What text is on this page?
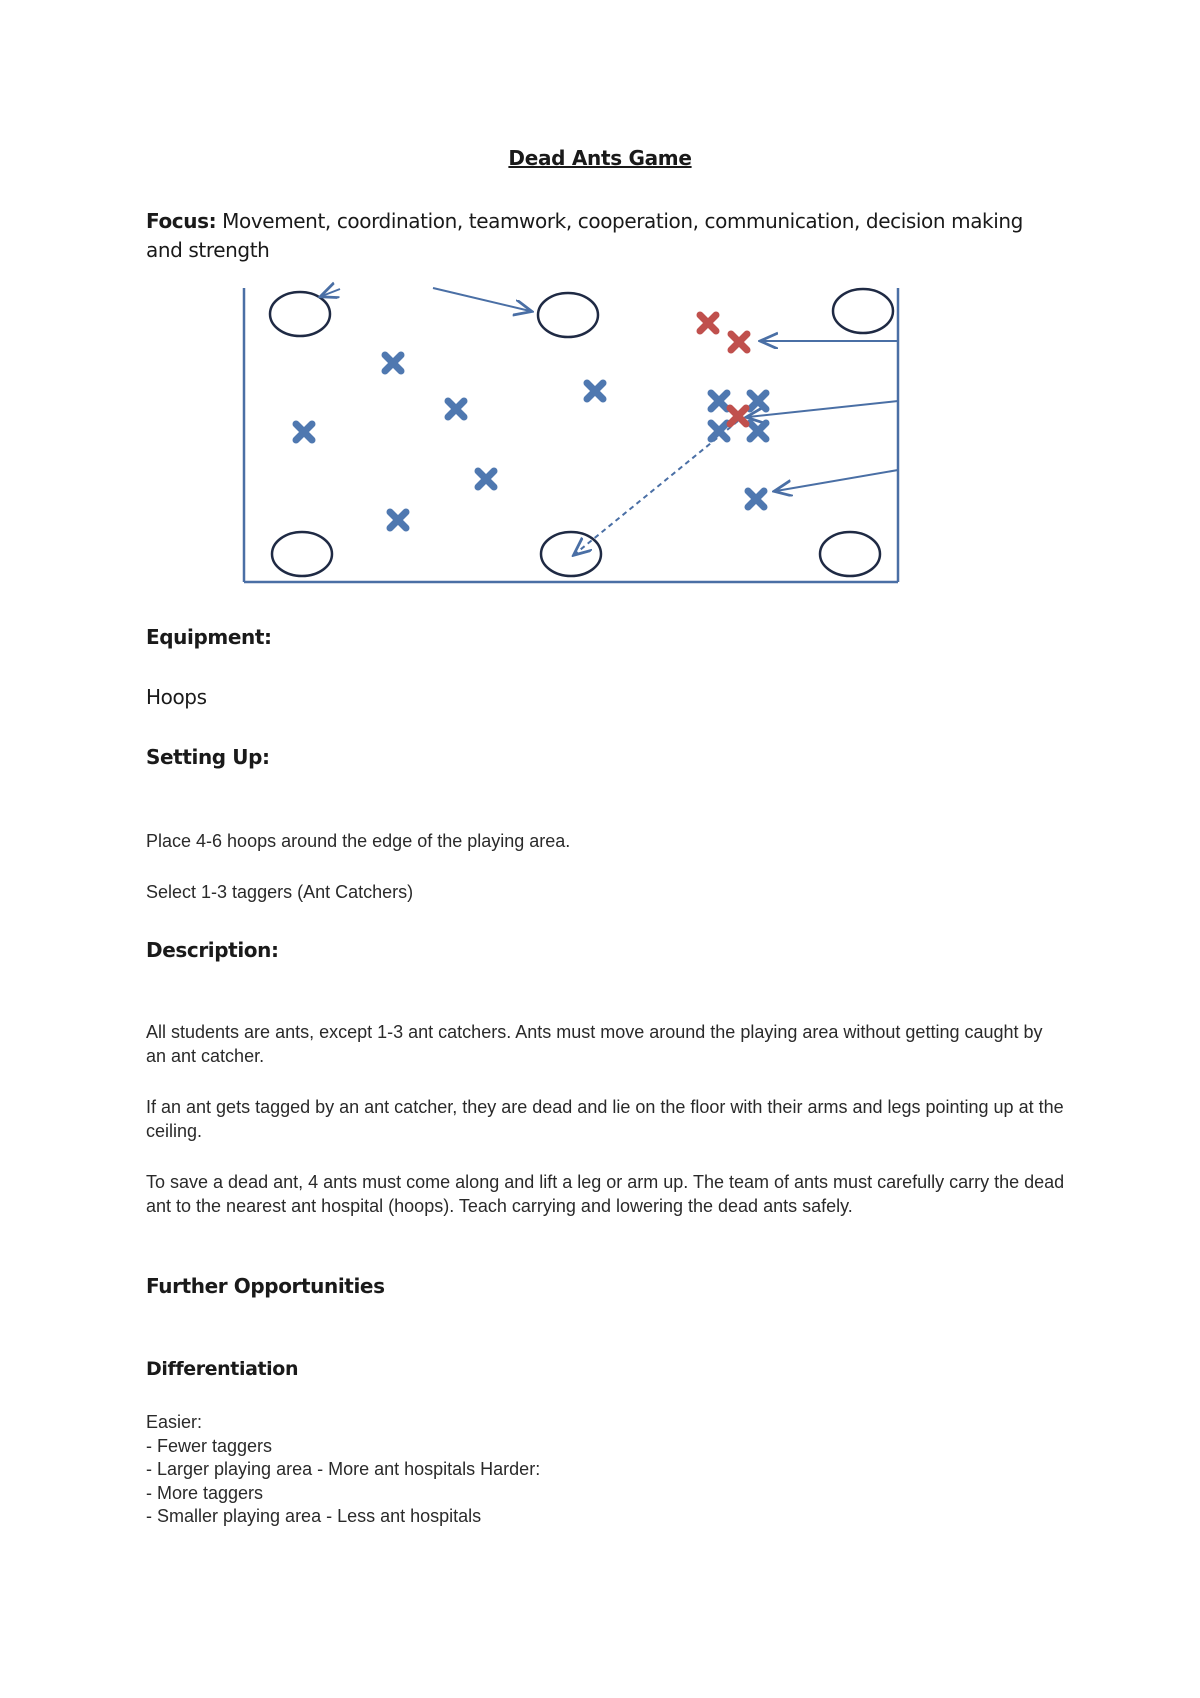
Dead Ants Game

Focus: Movement, coordination, teamwork, cooperation, communication, decision making and strength

Equipment:

Hoops

Setting Up:

Place 4-6 hoops around the edge of the playing area.

Select 1-3 taggers (Ant Catchers)

Description:

All students are ants, except 1-3 ant catchers. Ants must move around the playing area without getting caught by an ant catcher.

If an ant gets tagged by an ant catcher, they are dead and lie on the floor with their arms and legs pointing up at the ceiling.

To save a dead ant, 4 ants must come along and lift a leg or arm up. The team of ants must carefully carry the dead ant to the nearest ant hospital (hoops). Teach carrying and lowering the dead ants safely.

Further Opportunities
Differentiation
Easier:
- Fewer taggers
- Larger playing area - More ant hospitals Harder:
- More taggers
- Smaller playing area - Less ant hospitals
